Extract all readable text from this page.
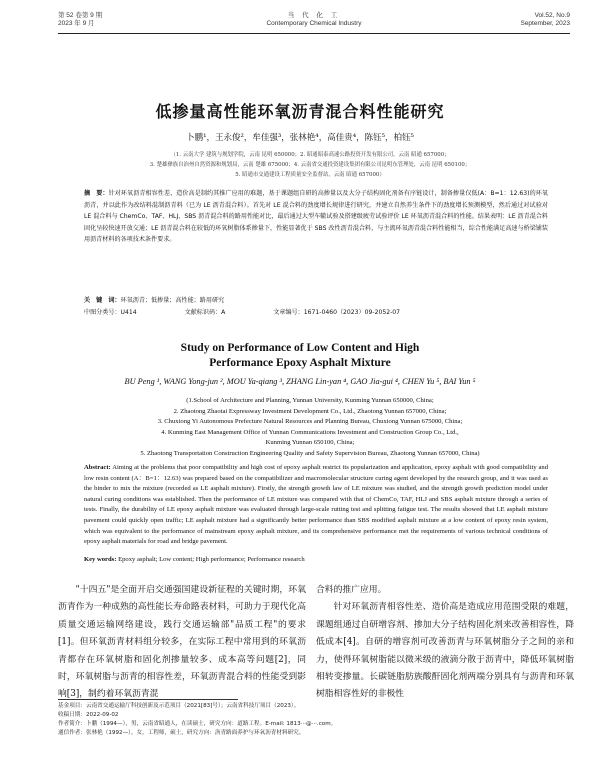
第 52 卷第 9 期
2023 年 9 月
当 代 化 工
Contemporary Chemical Industry
Vol.52, No.9
September, 2023
低掺量高性能环氧沥青混合料性能研究
卜鹏¹，王永俊²，牟佳强³，张林艳⁴，高佳贵⁴，陈钰⁵，柏钰⁵
（1. 云南大学 建筑与规划学院，云南 昆明 650000；2. 昭通昭泰高速公路投资开发有限公司，云南 昭通 657000；
3. 楚雄彝族自治州自然资源和规划局，云南 楚雄 675000；4. 云南省交通投资建设集团有限公司昆明东管理处，云南 昆明 650100；
5. 昭通市交通建设工程质量安全监督站，云南 昭通 657000）
摘　要：针对环氧沥青相容性差、造价高是制约其推广应用的难题，基于课题组自研的高掺量以及大分子结构固化剂备有序链设计，制备掺量仅低(A：B=1：12.63)的环氧沥青，并以此作为改结料混制沥青料（已为 LE 沥青混合料）。首先对 LE 混合料的劲度增长规律进行研究，并建立自然养生条件下的劲度增长预测模型，然后通过对试验对 LE 混合料与 ChemCo、TAF、HLJ、SBS 沥青混合料的路用性能对比，最后通过大型车辙试验及搭建级疲劳试验评价 LE 环氧沥青混合料的性能。结果表明：LE 沥青混合料固化呈较快速开放交通；LE 沥青混合料在较低的环氧树脂体系掺量下，性能显著优于 SBS 改性沥青混合料，与主流环氧沥青混合料性能相当，综合性能满足高速与桥梁铺装用沥青材料的各项技术条件要求。
关　键　词：环氧沥青；低掺量；高性能；路用研究
中图分类号：U414	文献标识码：A	文章编号：1671-0460（2023）09-2052-07
Study on Performance of Low Content and High
Performance Epoxy Asphalt Mixture
BU Peng ¹, WANG Yong-jun ², MOU Ya-qiang ³, ZHANG Lin-yan ⁴, GAO Jia-gui ⁴, CHEN Yu ⁵, BAI Yun ⁵
(1.School of Architecture and Planning, Yunnan University, Kunming Yunnan 650000, China;
2. Zhaotong Zhaotai Expressway Investment Development Co., Ltd., Zhaotong Yunnan 657000, China;
3. Chuxiong Yi Autonomous Prefecture Natural Resources and Planning Bureau, Chuxiong Yunnan 675000, China;
4. Kunming East Management Office of Yunnan Communications Investment and Construction Group Co., Ltd.,
Kunming Yunnan 650100, China;
5. Zhaotong Transportation Construction Engineering Quality and Safety Supervision Bureau, Zhaotong Yunnan 657000, China)
Abstract: Aiming at the problems that poor compatibility and high cost of epoxy asphalt restrict its popularization and application, epoxy asphalt with good compatibility and low resin content (A：B=1：12.63) was prepared based on the compatibilizer and macromolecular structure curing agent developed by the research group, and it was used as the binder to mix the mixture (recorded as LE asphalt mixture). Firstly, the strength growth law of LE mixture was studied, and the strength growth prediction model under natural curing conditions was established. Then the performance of LE mixture was compared with that of ChemCo, TAF, HLJ and SBS asphalt mixture through a series of tests. Finally, the durability of LE epoxy asphalt mixture was evaluated through large-scale rutting test and splitting fatigue test. The results showed that LE asphalt mixture pavement could quickly open traffic; LE asphalt mixture had a significantly better performance than SBS modified asphalt mixture at a low content of epoxy resin system, which was equivalent to the performance of mainstream epoxy asphalt mixture, and its comprehensive performance met the requirements of various technical conditions of epoxy asphalt materials for road and bridge pavement.
Key words: Epoxy asphalt; Low content; High performance; Performance research
"十四五"是全面开启交通强国建设新征程的关键时期，环氧沥青作为一种成熟的高性能长寿命路表材料，可助力于现代化高质量交通运输网络建设，践行交通运输部"品质工程"的要求[1]。但环氧沥青材料组分较多，在实际工程中常用到的环氧沥青都存在环氧树脂和固化剂掺量较多、成本高等问题[2]，同时，环氧树脂与沥青的相容性差，环氧沥青混合料的性能受到影响[3]，制约着环氧沥青混
合料的推广应用。
针对环氧沥青相容性差、造价高是造成应用范围受限的难题，课题组通过自研增容剂、掺加大分子结构固化剂来改善相容性，降低成本[4]。自研的增容剂可改善沥青与环氧树脂分子之间的亲和力，使得环氧树脂能以微米级的液滴分散于沥青中，降低环氧树脂相转变掺量。长碳链脂肪族酸酐固化剂两端分别具有与沥青和环氧树脂相容性好的非极性
基金项目：云南省交通运输厅科技创新及示范项目（2021[83]号）；云南省科技厅项目（2023）。
收稿日期：2022-09-02
作者简介：卜鹏（1994—），男，云南省昭通人，在读硕士，研究方向：道路工程。E-mail: 1813···@···.com。
通信作者：张林艳（1992—），女，工程师，硕士，研究方向：沥青路面养护与环氧沥青材料研究。
